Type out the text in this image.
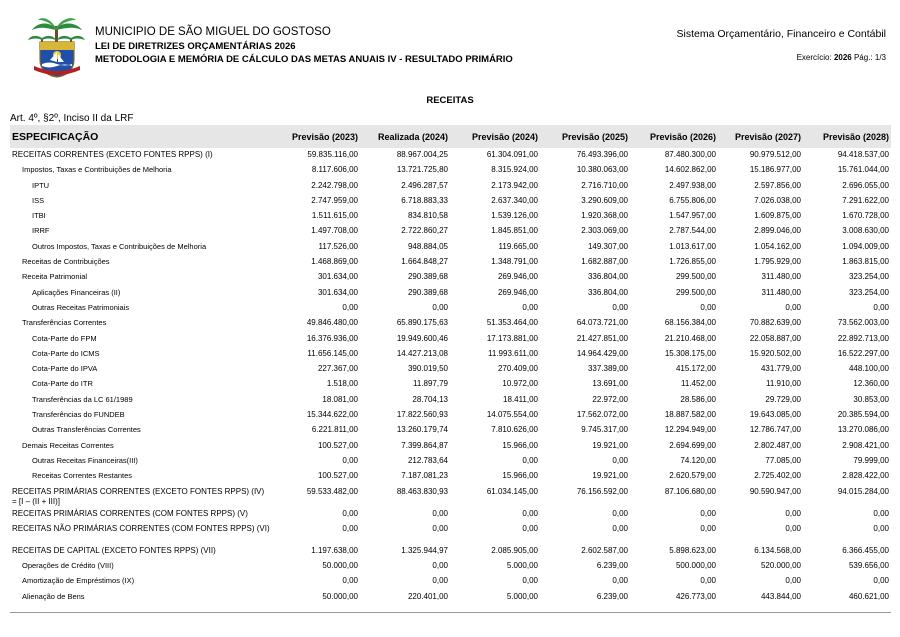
MUNICIPIO DE SÃO MIGUEL DO GOSTOSO
LEI DE DIRETRIZES ORÇAMENTÁRIAS 2026
METODOLOGIA E MEMÓRIA DE CÁLCULO DAS METAS ANUAIS IV - RESULTADO PRIMÁRIO
Sistema Orçamentário, Financeiro e Contábil
Exercício: 2026 Pág.: 1/3
RECEITAS
Art. 4º, §2º, Inciso II da LRF
ESPECIFICAÇÃO	Previsão (2023)	Realizada (2024)	Previsão (2024)	Previsão (2025)	Previsão (2026)	Previsão (2027)	Previsão (2028)
RECEITAS CORRENTES (EXCETO FONTES RPPS) (I)	59.835.116,00	88.967.004,25	61.304.091,00	76.493.396,00	87.480.300,00	90.979.512,00	94.418.537,00
Impostos, Taxas e Contribuições de Melhoria	8.117.606,00	13.721.725,80	8.315.924,00	10.380.063,00	14.602.862,00	15.186.977,00	15.761.044,00
IPTU	2.242.798,00	2.496.287,57	2.173.942,00	2.716.710,00	2.497.938,00	2.597.856,00	2.696.055,00
ISS	2.747.959,00	6.718.883,33	2.637.340,00	3.290.609,00	6.755.806,00	7.026.038,00	7.291.622,00
ITBI	1.511.615,00	834.810,58	1.539.126,00	1.920.368,00	1.547.957,00	1.609.875,00	1.670.728,00
IRRF	1.497.708,00	2.722.860,27	1.845.851,00	2.303.069,00	2.787.544,00	2.899.046,00	3.008.630,00
Outros Impostos, Taxas e Contribuições de Melhoria	117.526,00	948.884,05	119.665,00	149.307,00	1.013.617,00	1.054.162,00	1.094.009,00
Receitas de Contribuições	1.468.869,00	1.664.848,27	1.348.791,00	1.682.887,00	1.726.855,00	1.795.929,00	1.863.815,00
Receita Patrimonial	301.634,00	290.389,68	269.946,00	336.804,00	299.500,00	311.480,00	323.254,00
Aplicações Financeiras (II)	301.634,00	290.389,68	269.946,00	336.804,00	299.500,00	311.480,00	323.254,00
Outras Receitas Patrimoniais	0,00	0,00	0,00	0,00	0,00	0,00	0,00
Transferências Correntes	49.846.480,00	65.890.175,63	51.353.464,00	64.073.721,00	68.156.384,00	70.882.639,00	73.562.003,00
Cota-Parte do FPM	16.376.936,00	19.949.600,46	17.173.881,00	21.427.851,00	21.210.468,00	22.058.887,00	22.892.713,00
Cota-Parte do ICMS	11.656.145,00	14.427.213,08	11.993.611,00	14.964.429,00	15.308.175,00	15.920.502,00	16.522.297,00
Cota-Parte do IPVA	227.367,00	390.019,50	270.409,00	337.389,00	415.172,00	431.779,00	448.100,00
Cota-Parte do ITR	1.518,00	11.897,79	10.972,00	13.691,00	11.452,00	11.910,00	12.360,00
Transferências da LC 61/1989	18.081,00	28.704,13	18.411,00	22.972,00	28.586,00	29.729,00	30.853,00
Transferências do FUNDEB	15.344.622,00	17.822.560,93	14.075.554,00	17.562.072,00	18.887.582,00	19.643.085,00	20.385.594,00
Outras Transferências Correntes	6.221.811,00	13.260.179,74	7.810.626,00	9.745.317,00	12.294.949,00	12.786.747,00	13.270.086,00
Demais Receitas Correntes	100.527,00	7.399.864,87	15.966,00	19.921,00	2.694.699,00	2.802.487,00	2.908.421,00
Outras Receitas Financeiras(III)	0,00	212.783,64	0,00	0,00	74.120,00	77.085,00	79.999,00
Receitas Correntes Restantes	100.527,00	7.187.081,23	15.966,00	19.921,00	2.620.579,00	2.725.402,00	2.828.422,00
RECEITAS PRIMÁRIAS CORRENTES (EXCETO FONTES RPPS) (IV) = [I – (II + III)]	59.533.482,00	88.463.830,93	61.034.145,00	76.156.592,00	87.106.680,00	90.590.947,00	94.015.284,00
RECEITAS PRIMÁRIAS CORRENTES (COM FONTES RPPS) (V)	0,00	0,00	0,00	0,00	0,00	0,00	0,00
RECEITAS NÃO PRIMÁRIAS CORRENTES (COM FONTES RPPS) (VI)	0,00	0,00	0,00	0,00	0,00	0,00	0,00
RECEITAS DE CAPITAL (EXCETO FONTES RPPS) (VII)	1.197.638,00	1.325.944,97	2.085.905,00	2.602.587,00	5.898.623,00	6.134.568,00	6.366.455,00
Operações de Crédito (VIII)	50.000,00	0,00	5.000,00	6.239,00	500.000,00	520.000,00	539.656,00
Amortização de Empréstimos (IX)	0,00	0,00	0,00	0,00	0,00	0,00	0,00
Alienação de Bens	50.000,00	220.401,00	5.000,00	6.239,00	426.773,00	443.844,00	460.621,00
